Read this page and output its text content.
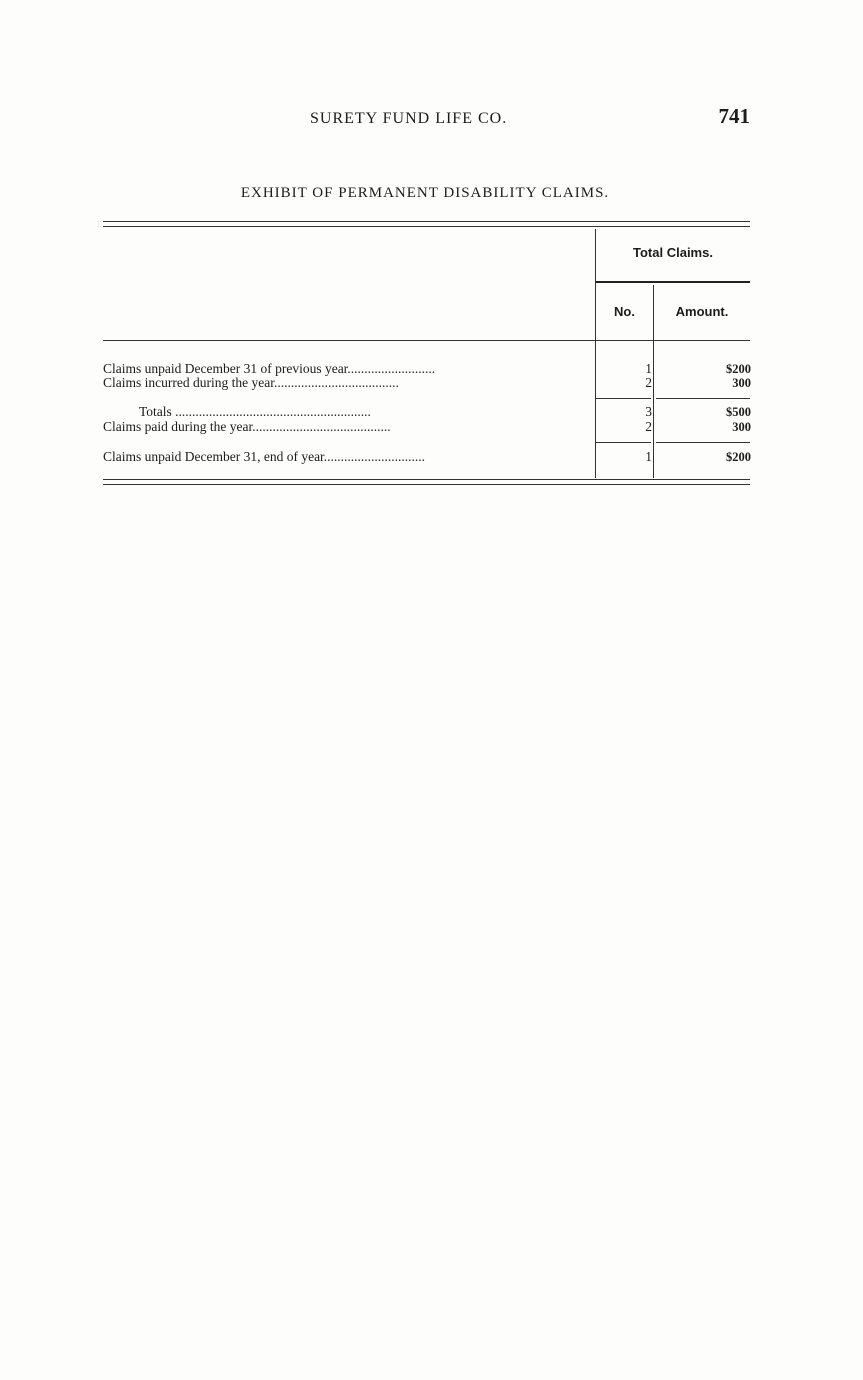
SURETY FUND LIFE CO.	741
EXHIBIT OF PERMANENT DISABILITY CLAIMS.
Total Claims.
No.	Amount.
Claims unpaid December 31 of previous year..........................	1	$200
Claims incurred during the year.....................................	2	300
Totals ..........................................................	3	$500
Claims paid during the year.........................................	2	300
Claims unpaid December 31, end of year..............................	1	$200
